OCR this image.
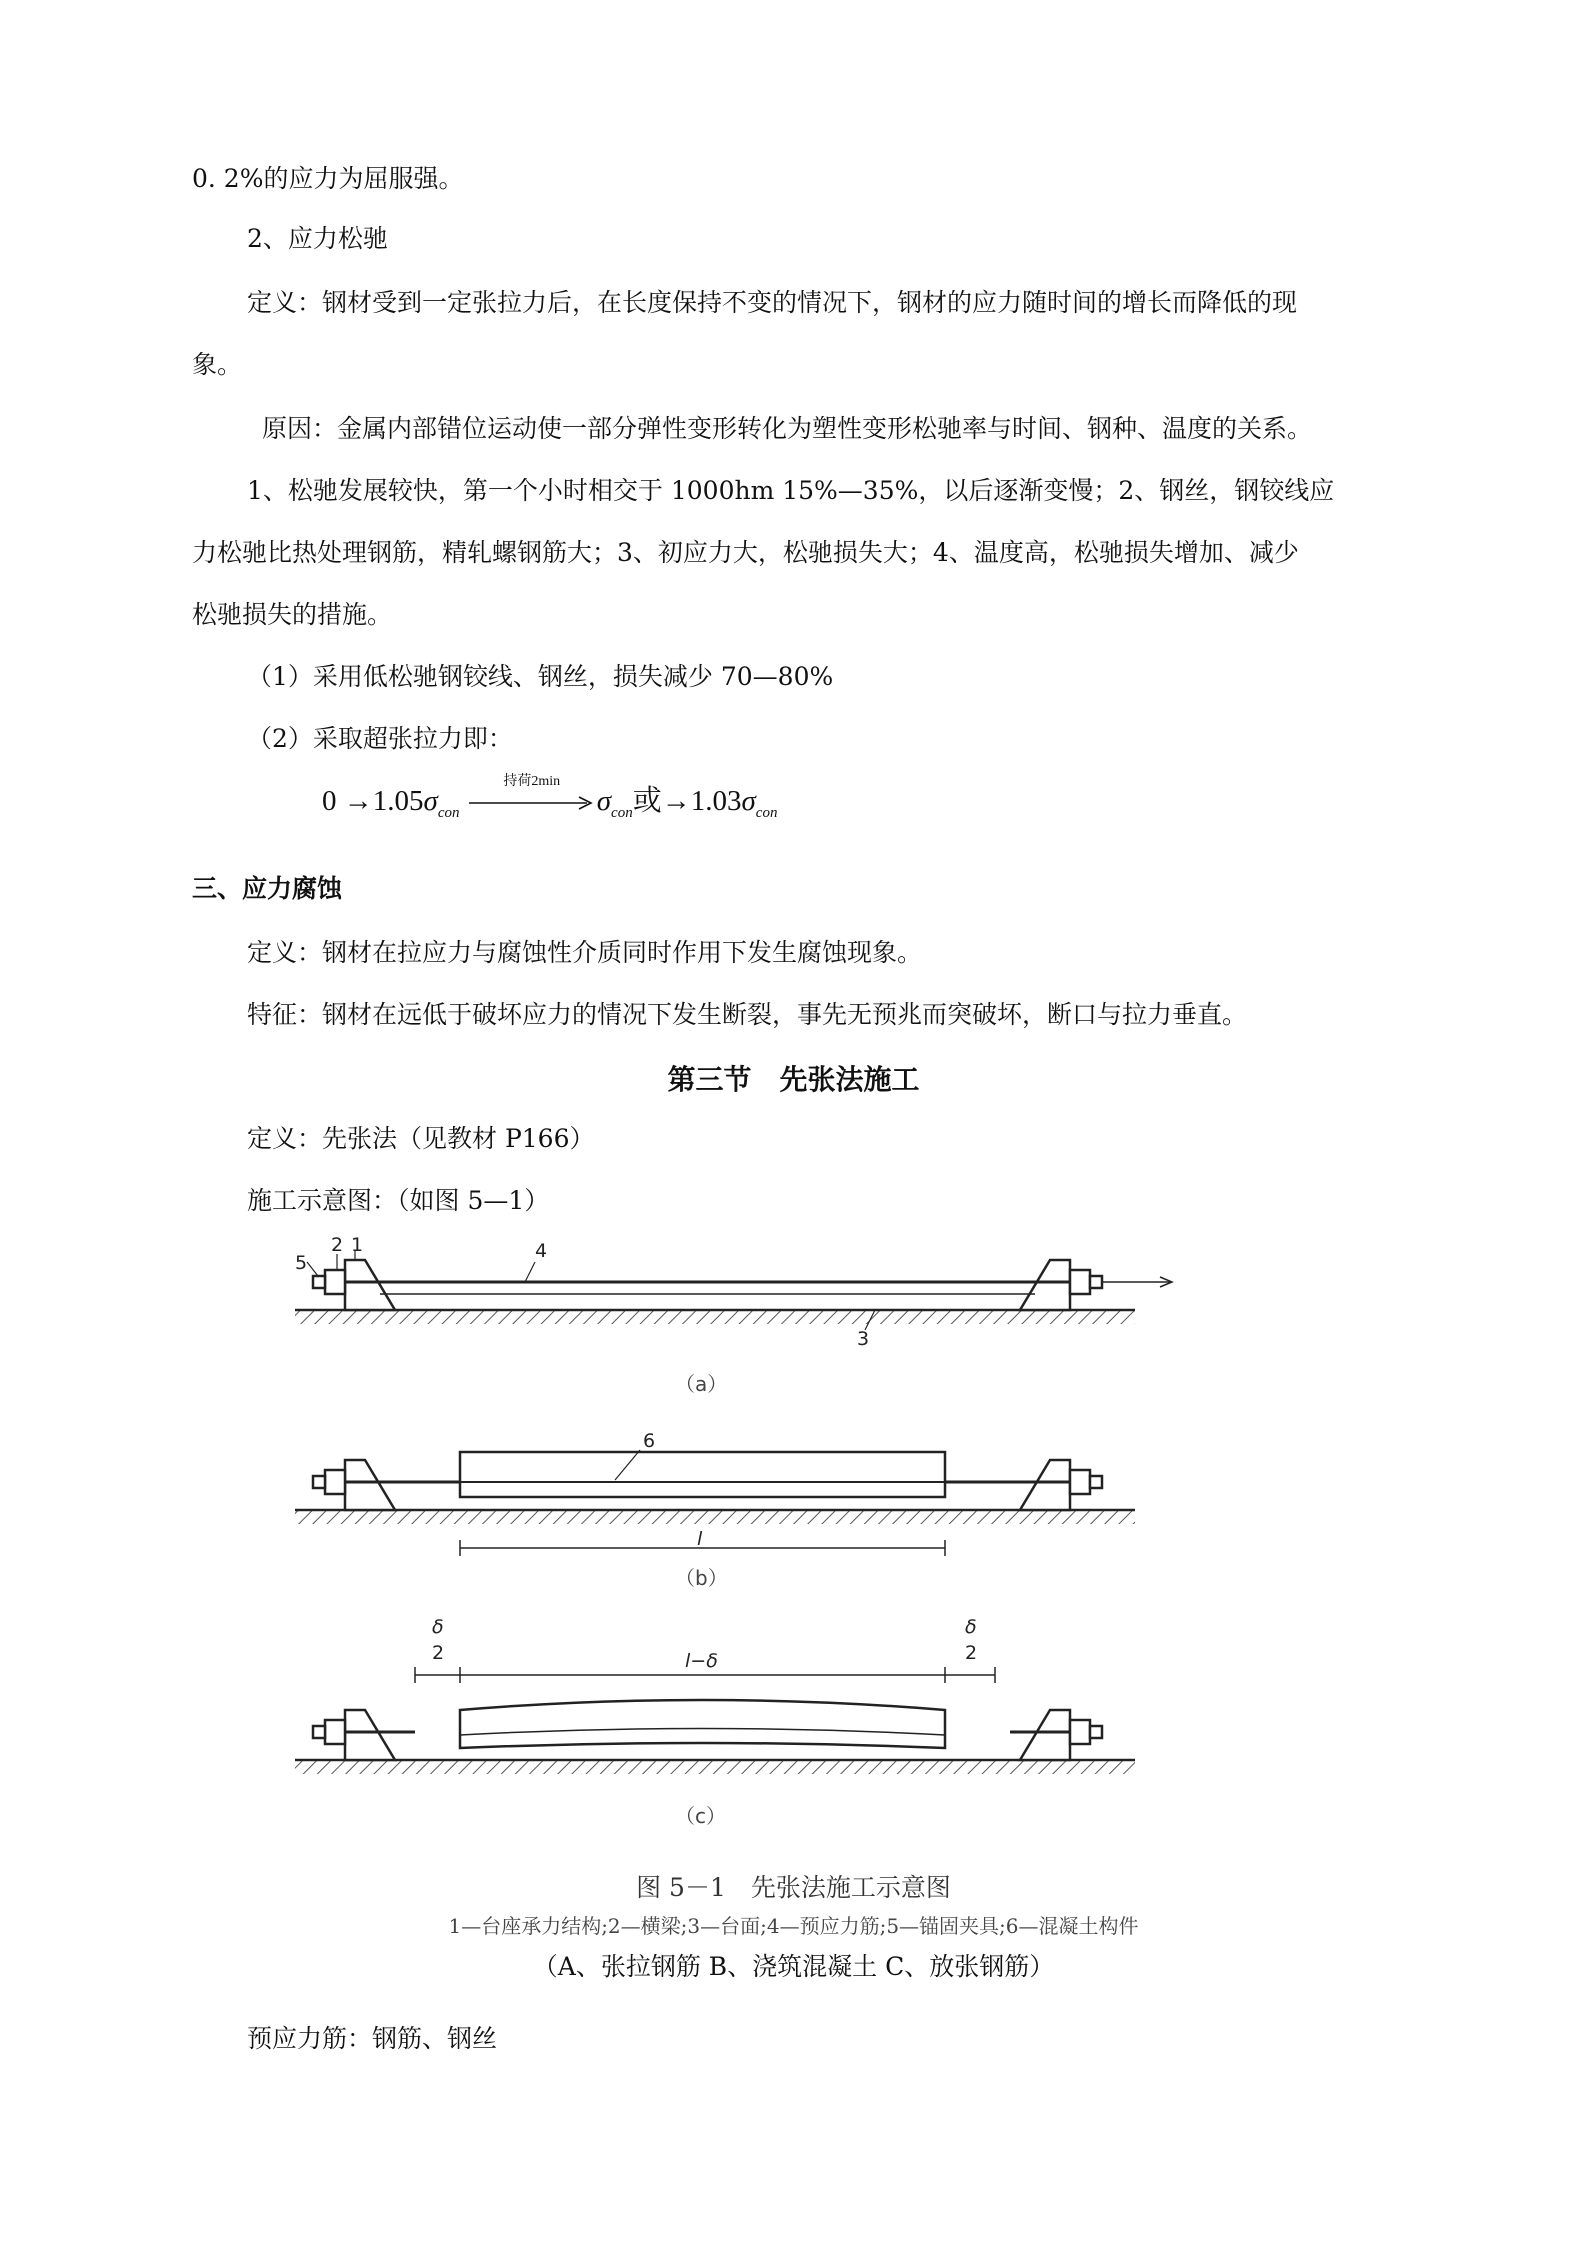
0. 2%的应力为屈服强。
2、应力松驰
定义：钢材受到一定张拉力后，在长度保持不变的情况下，钢材的应力随时间的增长而降低的现
象。
原因：金属内部错位运动使一部分弹性变形转化为塑性变形松驰率与时间、钢种、温度的关系。
1、松驰发展较快，第一个小时相交于 1000hm 15%—35%，以后逐渐变慢；2、钢丝，钢铰线应
力松驰比热处理钢筋，精轧螺钢筋大；3、初应力大，松驰损失大；4、温度高，松驰损失增加、减少
松驰损失的措施。
（1）采用低松驰钢铰线、钢丝，损失减少 70—80%
（2）采取超张拉力即：
$0 \to 1.05\sigma_{con}$
持荷2min
$\sigma_{con}$或$\to 1.03\sigma_{con}$
三、应力腐蚀
定义：钢材在拉应力与腐蚀性介质同时作用下发生腐蚀现象。
特征：钢材在远低于破坏应力的情况下发生断裂，事先无预兆而突破坏，断口与拉力垂直。
第三节　先张法施工
定义：先张法（见教材 P166）
施工示意图：（如图 5—1）
5
2 1	4
3
（a）
6
l
（b）
δ
2
δ
2
l−δ
（c）
图 5－1　先张法施工示意图
1—台座承力结构;2—横梁;3—台面;4—预应力筋;5—锚固夹具;6—混凝土构件
（A、张拉钢筋 B、浇筑混凝土 C、放张钢筋）
预应力筋：钢筋、钢丝
